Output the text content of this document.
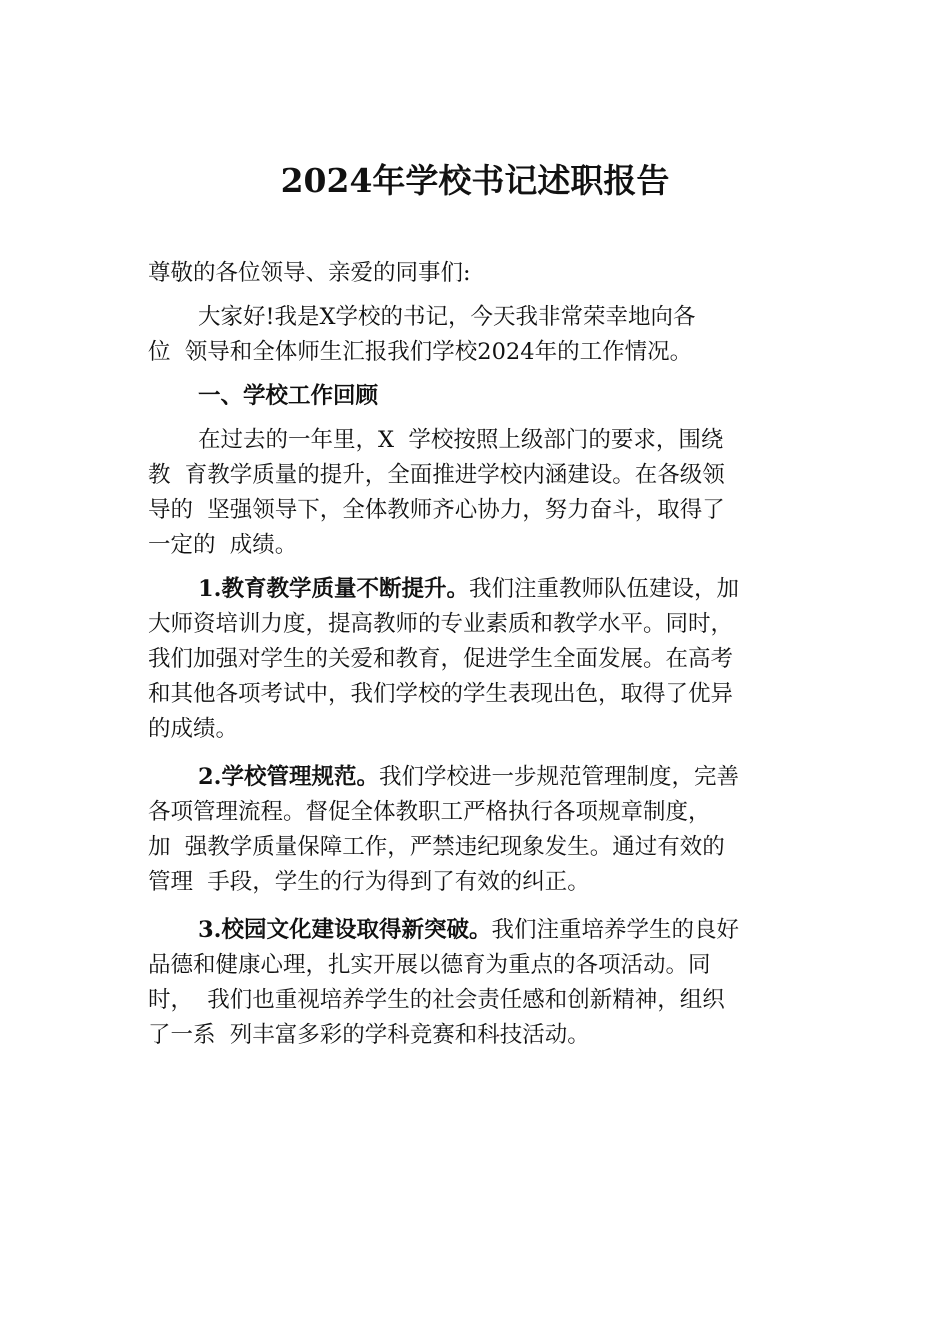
2024年学校书记述职报告
尊敬的各位领导、亲爱的同事们:
大家好!我是X学校的书记，今天我非常荣幸地向各
位  领导和全体师生汇报我们学校2024年的工作情况。
一、学校工作回顾
在过去的一年里，X  学校按照上级部门的要求，围绕
教  育教学质量的提升，全面推进学校内涵建设。在各级领
导的  坚强领导下，全体教师齐心协力，努力奋斗，取得了
一定的  成绩。
1.教育教学质量不断提升。我们注重教师队伍建设，加
大师资培训力度，提高教师的专业素质和教学水平。同时，
我们加强对学生的关爱和教育，促进学生全面发展。在高考
和其他各项考试中，我们学校的学生表现出色，取得了优异
的成绩。
2.学校管理规范。我们学校进一步规范管理制度，完善
各项管理流程。督促全体教职工严格执行各项规章制度，
加  强教学质量保障工作，严禁违纪现象发生。通过有效的
管理  手段，学生的行为得到了有效的纠正。
3.校园文化建设取得新突破。我们注重培养学生的良好
品德和健康心理，扎实开展以德育为重点的各项活动。同
时，  我们也重视培养学生的社会责任感和创新精神，组织
了一系  列丰富多彩的学科竞赛和科技活动。
